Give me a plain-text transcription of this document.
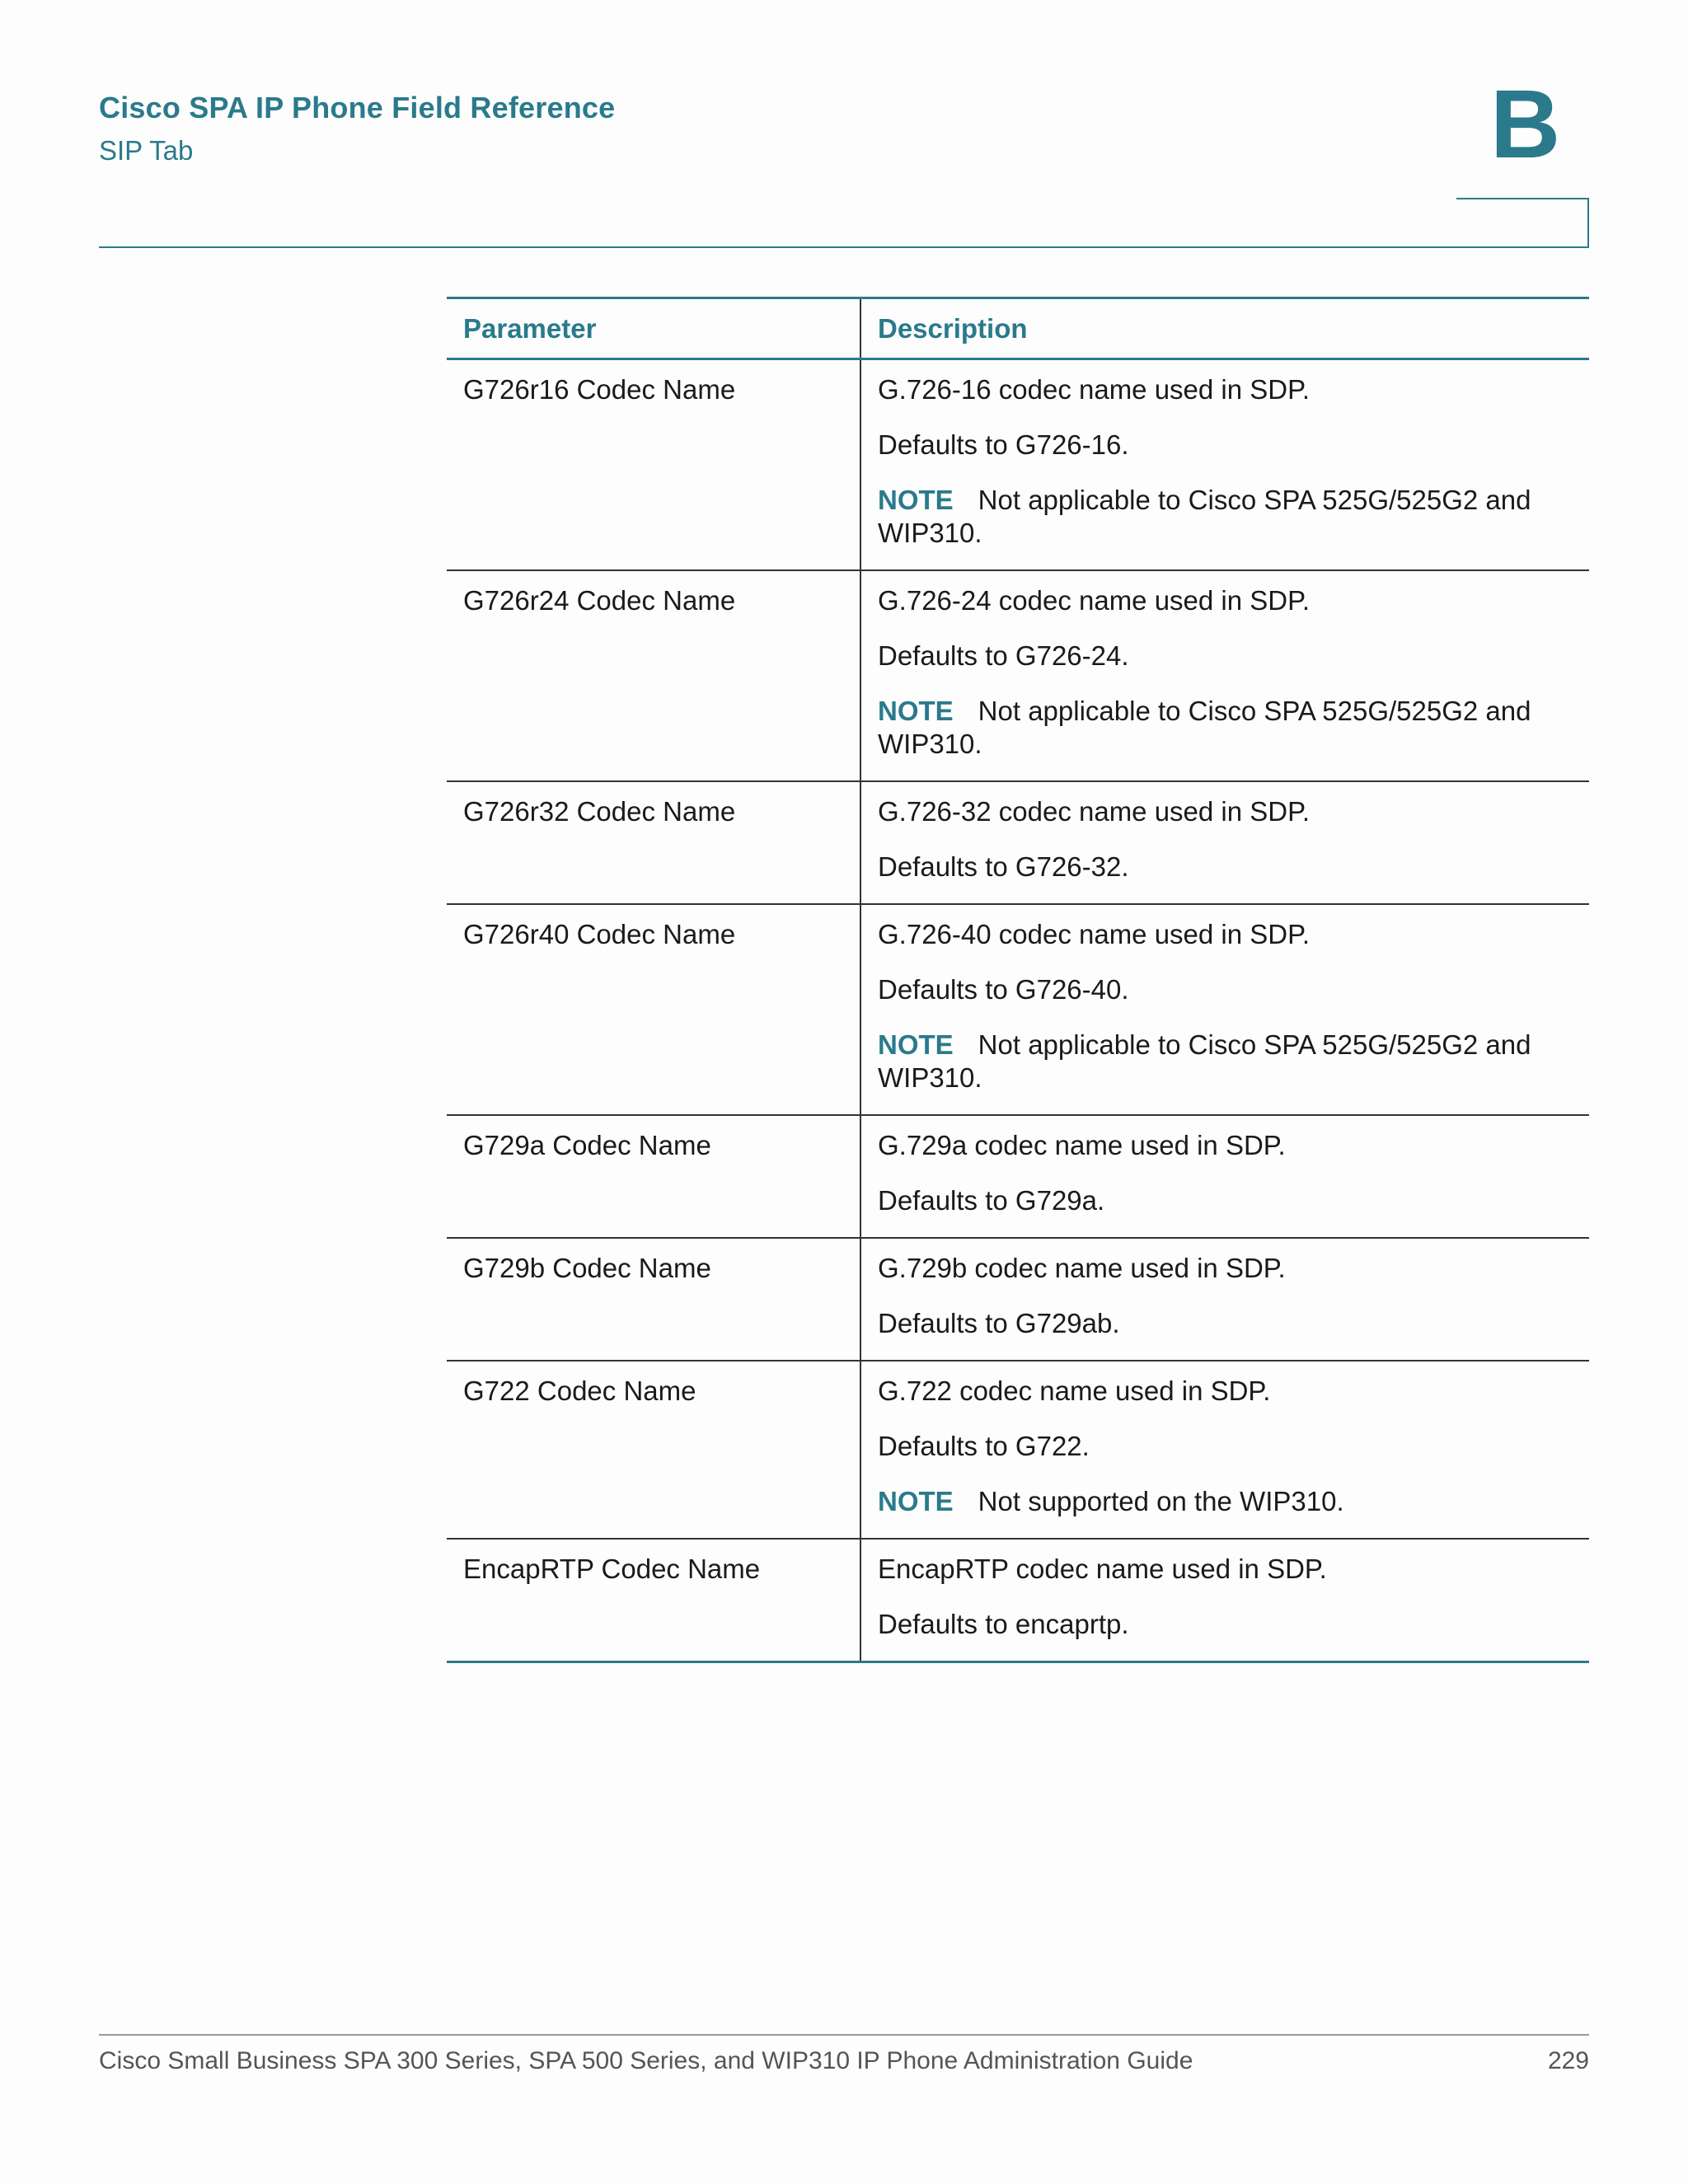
Cisco SPA IP Phone Field Reference
SIP Tab	B
Parameter	Description
G726r16 Codec Name	G.726-16 codec name used in SDP.
Defaults to G726-16.
NOTE Not applicable to Cisco SPA 525G/525G2 and WIP310.

G726r24 Codec Name	G.726-24 codec name used in SDP.
Defaults to G726-24.
NOTE Not applicable to Cisco SPA 525G/525G2 and WIP310.

G726r32 Codec Name	G.726-32 codec name used in SDP.
Defaults to G726-32.

G726r40 Codec Name	G.726-40 codec name used in SDP.
Defaults to G726-40.
NOTE Not applicable to Cisco SPA 525G/525G2 and WIP310.

G729a Codec Name	G.729a codec name used in SDP.
Defaults to G729a.

G729b Codec Name	G.729b codec name used in SDP.
Defaults to G729ab.

G722 Codec Name	G.722 codec name used in SDP.
Defaults to G722.
NOTE Not supported on the WIP310.

EncapRTP Codec Name	EncapRTP codec name used in SDP.
Defaults to encaprtp.
Cisco Small Business SPA 300 Series, SPA 500 Series, and WIP310 IP Phone Administration Guide	229
